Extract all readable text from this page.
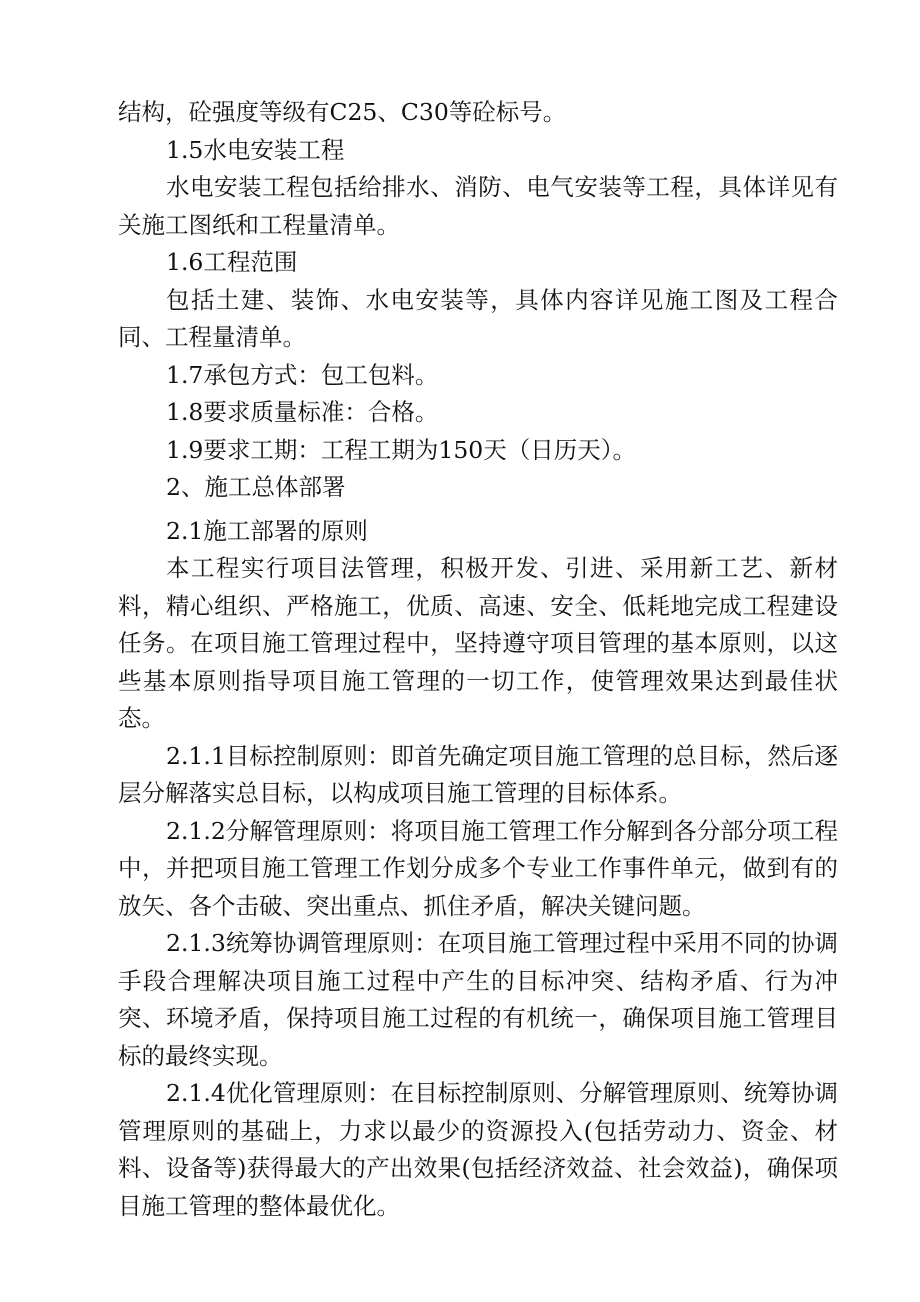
结构，砼强度等级有C25、C30等砼标号。

1.5水电安装工程

水电安装工程包括给排水、消防、电气安装等工程，具体详见有关施工图纸和工程量清单。

1.6工程范围

包括土建、装饰、水电安装等，具体内容详见施工图及工程合同、工程量清单。

1.7承包方式：包工包料。

1.8要求质量标准：合格。

1.9要求工期：工程工期为150天（日历天）。

2、施工总体部署

2.1施工部署的原则

本工程实行项目法管理，积极开发、引进、采用新工艺、新材料，精心组织、严格施工，优质、高速、安全、低耗地完成工程建设任务。在项目施工管理过程中，坚持遵守项目管理的基本原则，以这些基本原则指导项目施工管理的一切工作，使管理效果达到最佳状态。

2.1.1目标控制原则：即首先确定项目施工管理的总目标，然后逐层分解落实总目标，以构成项目施工管理的目标体系。

2.1.2分解管理原则：将项目施工管理工作分解到各分部分项工程中，并把项目施工管理工作划分成多个专业工作事件单元，做到有的放矢、各个击破、突出重点、抓住矛盾，解决关键问题。

2.1.3统筹协调管理原则：在项目施工管理过程中采用不同的协调手段合理解决项目施工过程中产生的目标冲突、结构矛盾、行为冲突、环境矛盾，保持项目施工过程的有机统一，确保项目施工管理目标的最终实现。

2.1.4优化管理原则：在目标控制原则、分解管理原则、统筹协调管理原则的基础上，力求以最少的资源投入(包括劳动力、资金、材料、设备等)获得最大的产出效果(包括经济效益、社会效益)，确保项目施工管理的整体最优化。
